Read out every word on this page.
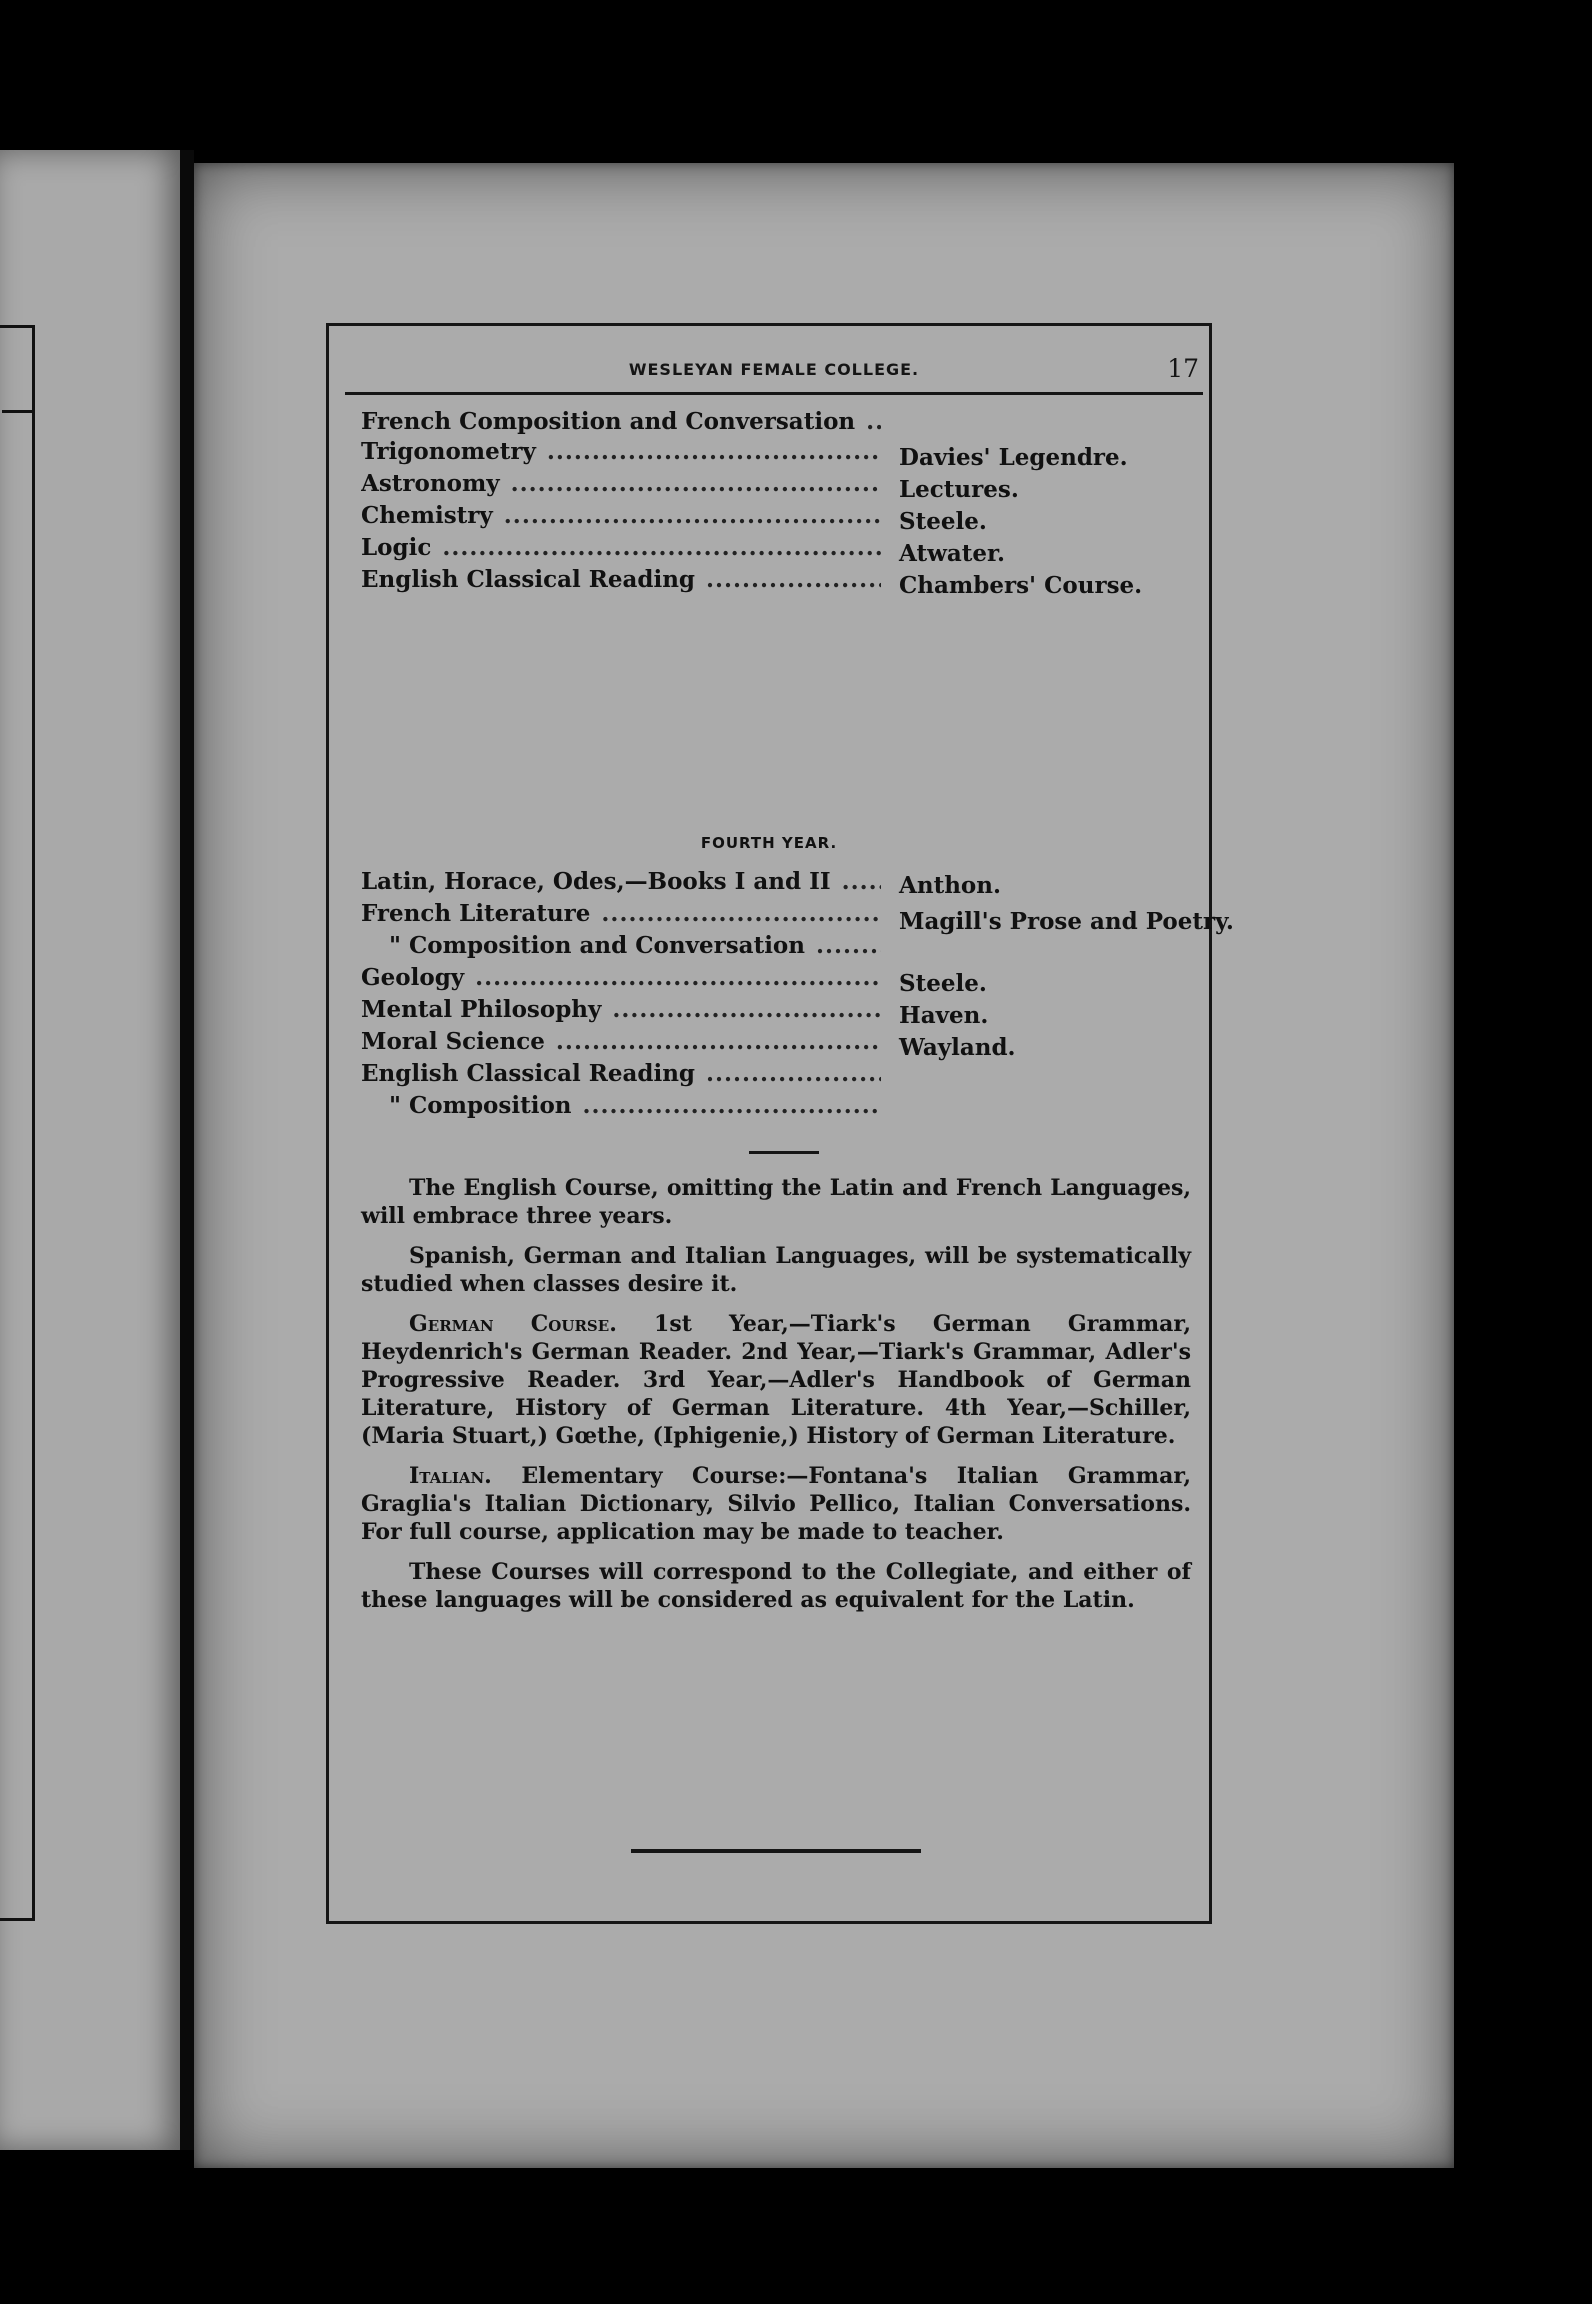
WESLEYAN FEMALE COLLEGE.	17
French Composition and Conversation .....
Trigonometry .....	Davies' Legendre.
Astronomy .....	Lectures.
Chemistry .....	Steele.
Logic .....	Atwater.
English Classical Reading .....	Chambers' Course.
FOURTH YEAR.
Latin, Horace, Odes,—Books I and II .....	Anthon.
French Literature .....	Magill's Prose and Poetry.
" Composition and Conversation .....
Geology .....	Steele.
Mental Philosophy .....	Haven.
Moral Science .....	Wayland.
English Classical Reading .....
" Composition .....

The English Course, omitting the Latin and French Languages, will embrace three years.

Spanish, German and Italian Languages, will be systematically studied when classes desire it.

German Course. 1st Year,—Tiark's German Grammar, Heydenrich's German Reader. 2nd Year,—Tiark's Grammar, Adler's Progressive Reader. 3rd Year,—Adler's Handbook of German Literature, History of German Literature. 4th Year,—Schiller, (Maria Stuart,) Gœthe, (Iphigenie,) History of German Literature.

Italian. Elementary Course:—Fontana's Italian Grammar, Graglia's Italian Dictionary, Silvio Pellico, Italian Conversations. For full course, application may be made to teacher.

These Courses will correspond to the Collegiate, and either of these languages will be considered as equivalent for the Latin.
